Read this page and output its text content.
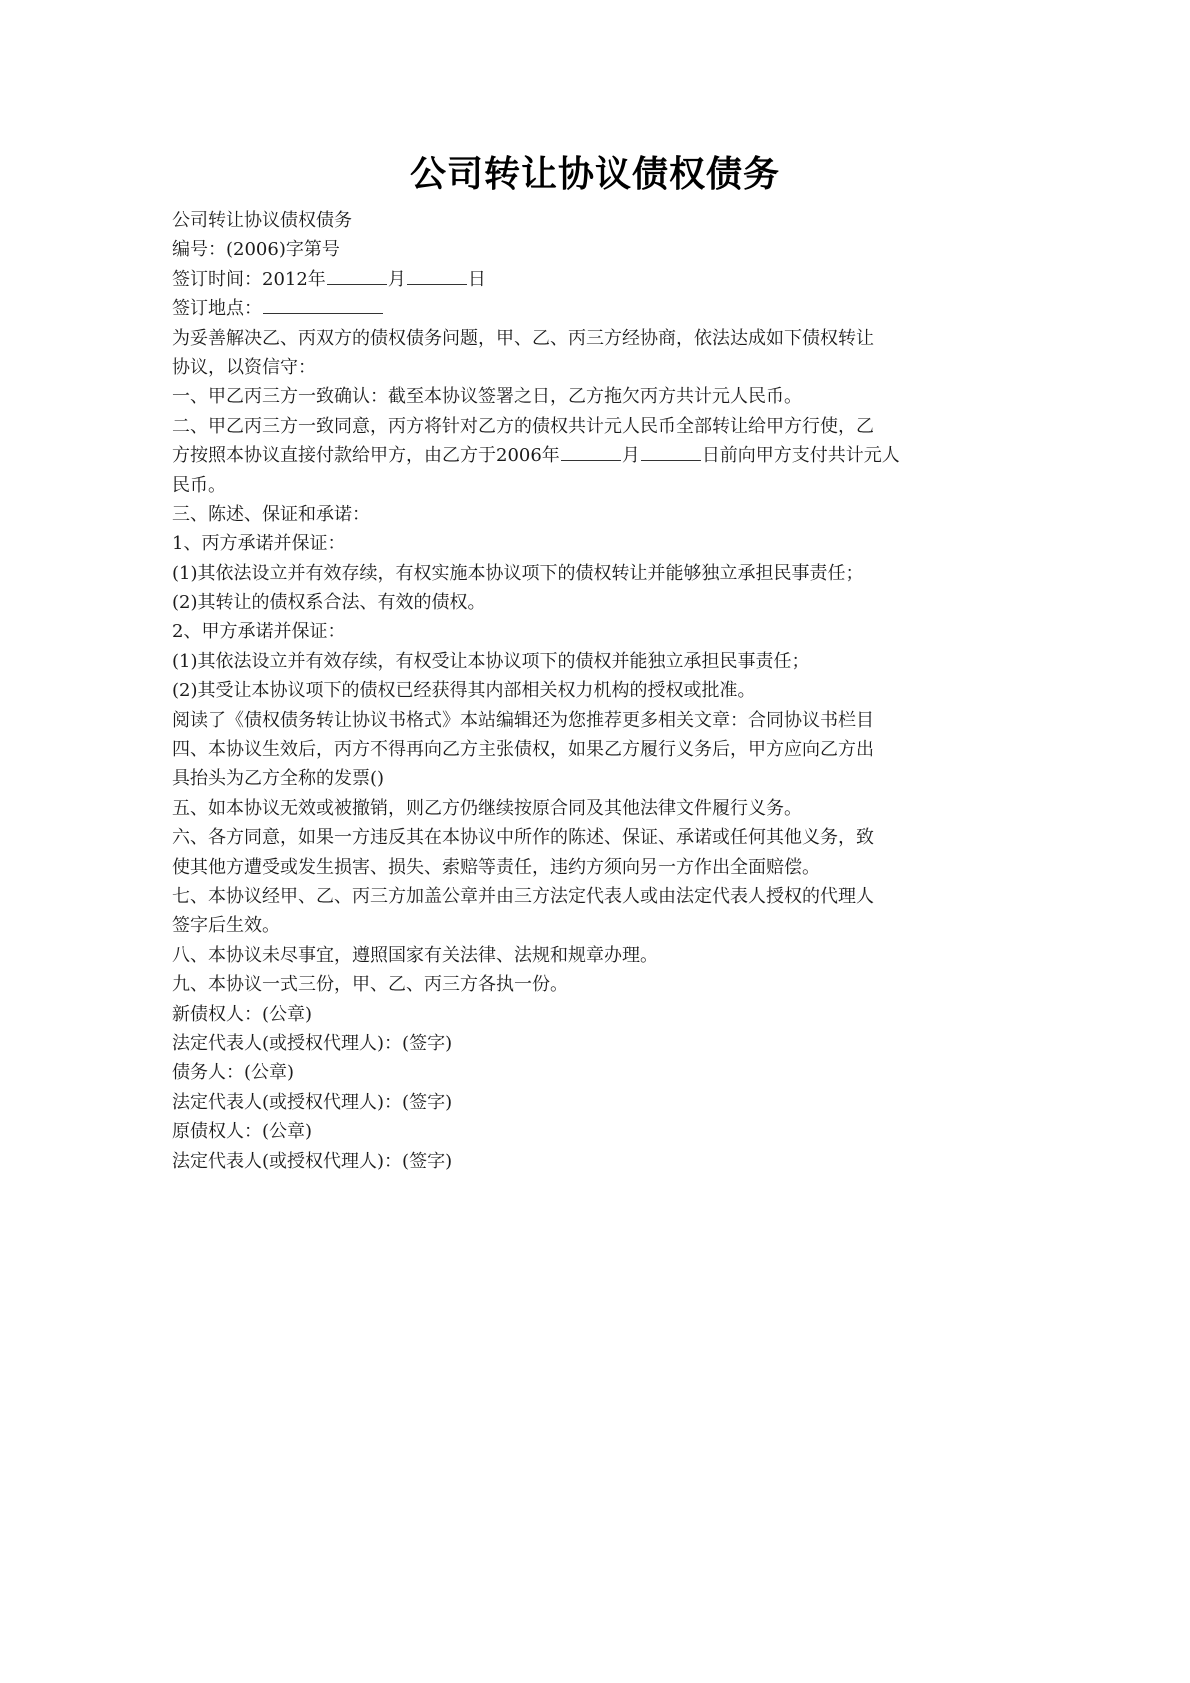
公司转让协议债权债务
公司转让协议债权债务
编号：(2006)字第号
签订时间：2012年	月	日
签订地点：
为妥善解决乙、丙双方的债权债务问题，甲、乙、丙三方经协商，依法达成如下债权转让
协议，以资信守：
一、甲乙丙三方一致确认：截至本协议签署之日，乙方拖欠丙方共计元人民币。
二、甲乙丙三方一致同意，丙方将针对乙方的债权共计元人民币全部转让给甲方行使，乙
方按照本协议直接付款给甲方，由乙方于2006年	月	日前向甲方支付共计元人
民币。
三、陈述、保证和承诺：
1、丙方承诺并保证：
(1)其依法设立并有效存续，有权实施本协议项下的债权转让并能够独立承担民事责任；
(2)其转让的债权系合法、有效的债权。
2、甲方承诺并保证：
(1)其依法设立并有效存续，有权受让本协议项下的债权并能独立承担民事责任；
(2)其受让本协议项下的债权已经获得其内部相关权力机构的授权或批准。
阅读了《债权债务转让协议书格式》本站编辑还为您推荐更多相关文章：合同协议书栏目
四、本协议生效后，丙方不得再向乙方主张债权，如果乙方履行义务后，甲方应向乙方出
具抬头为乙方全称的发票()
五、如本协议无效或被撤销，则乙方仍继续按原合同及其他法律文件履行义务。
六、各方同意，如果一方违反其在本协议中所作的陈述、保证、承诺或任何其他义务，致
使其他方遭受或发生损害、损失、索赔等责任，违约方须向另一方作出全面赔偿。
七、本协议经甲、乙、丙三方加盖公章并由三方法定代表人或由法定代表人授权的代理人
签字后生效。
八、本协议未尽事宜，遵照国家有关法律、法规和规章办理。
九、本协议一式三份，甲、乙、丙三方各执一份。
新债权人：(公章)
法定代表人(或授权代理人)：(签字)
债务人：(公章)
法定代表人(或授权代理人)：(签字)
原债权人：(公章)
法定代表人(或授权代理人)：(签字)
